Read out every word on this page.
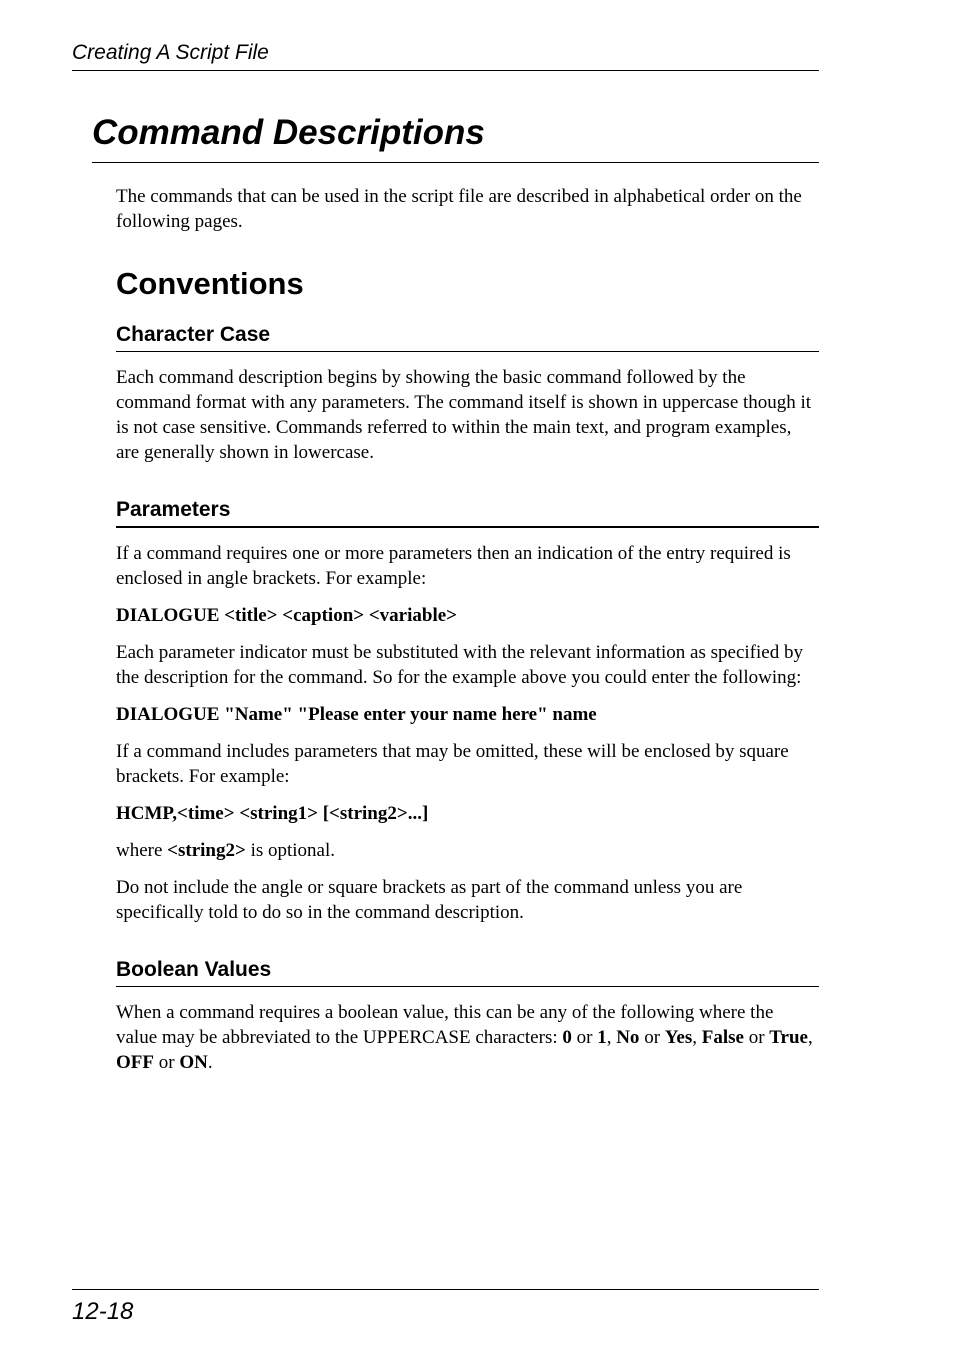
Creating A Script File
Command Descriptions

The commands that can be used in the script file are described in alphabetical order on the following pages.

Conventions
Character Case

Each command description begins by showing the basic command followed by the command format with any parameters. The command itself is shown in uppercase though it is not case sensitive. Commands referred to within the main text, and program examples, are generally shown in lowercase.

Parameters

If a command requires one or more parameters then an indication of the entry required is enclosed in angle brackets. For example:

DIALOGUE <title> <caption> <variable>

Each parameter indicator must be substituted with the relevant information as specified by the description for the command. So for the example above you could enter the following:

DIALOGUE "Name" "Please enter your name here" name

If a command includes parameters that may be omitted, these will be enclosed by square brackets. For example:

HCMP,<time> <string1> [<string2>...]

where <string2> is optional.

Do not include the angle or square brackets as part of the command unless you are specifically told to do so in the command description.

Boolean Values

When a command requires a boolean value, this can be any of the following where the value may be abbreviated to the UPPERCASE characters: 0 or 1, No or Yes, False or True, OFF or ON.

12-18
